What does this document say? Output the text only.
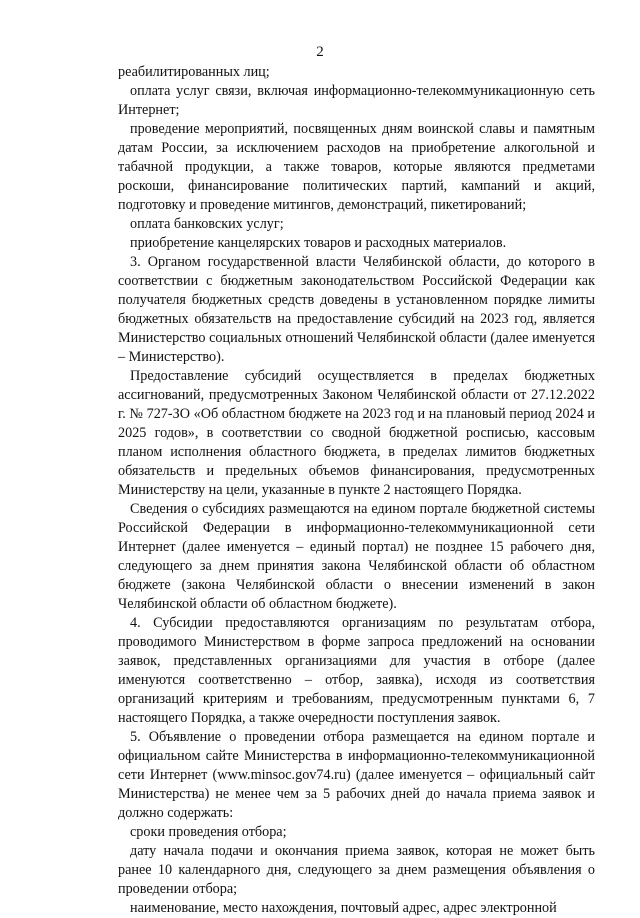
2

реабилитированных лиц;

оплата услуг связи, включая информационно-телекоммуникационную сеть Интернет;

проведение мероприятий, посвященных дням воинской славы и памятным датам России, за исключением расходов на приобретение алкогольной и табачной продукции, а также товаров, которые являются предметами роскоши, финансирование политических партий, кампаний и акций, подготовку и проведение митингов, демонстраций, пикетирований;

оплата банковских услуг;

приобретение канцелярских товаров и расходных материалов.

3. Органом государственной власти Челябинской области, до которого в соответствии с бюджетным законодательством Российской Федерации как получателя бюджетных средств доведены в установленном порядке лимиты бюджетных обязательств на предоставление субсидий на 2023 год, является Министерство социальных отношений Челябинской области (далее именуется – Министерство).

Предоставление субсидий осуществляется в пределах бюджетных ассигнований, предусмотренных Законом Челябинской области от 27.12.2022 г. № 727-ЗО «Об областном бюджете на 2023 год и на плановый период 2024 и 2025 годов», в соответствии со сводной бюджетной росписью, кассовым планом исполнения областного бюджета, в пределах лимитов бюджетных обязательств и предельных объемов финансирования, предусмотренных Министерству на цели, указанные в пункте 2 настоящего Порядка.

Сведения о субсидиях размещаются на едином портале бюджетной системы Российской Федерации в информационно-телекоммуникационной сети Интернет (далее именуется – единый портал) не позднее 15 рабочего дня, следующего за днем принятия закона Челябинской области об областном бюджете (закона Челябинской области о внесении изменений в закон Челябинской области об областном бюджете).

4. Субсидии предоставляются организациям по результатам отбора, проводимого Министерством в форме запроса предложений на основании заявок, представленных организациями для участия в отборе (далее именуются соответственно – отбор, заявка), исходя из соответствия организаций критериям и требованиям, предусмотренным пунктами 6, 7 настоящего Порядка, а также очередности поступления заявок.

5. Объявление о проведении отбора размещается на едином портале и официальном сайте Министерства в информационно-телекоммуникационной сети Интернет (www.minsoc.gov74.ru) (далее именуется – официальный сайт Министерства) не менее чем за 5 рабочих дней до начала приема заявок и должно содержать:

сроки проведения отбора;

дату начала подачи и окончания приема заявок, которая не может быть ранее 10 календарного дня, следующего за днем размещения объявления о проведении отбора;

наименование, место нахождения, почтовый адрес, адрес электронной
